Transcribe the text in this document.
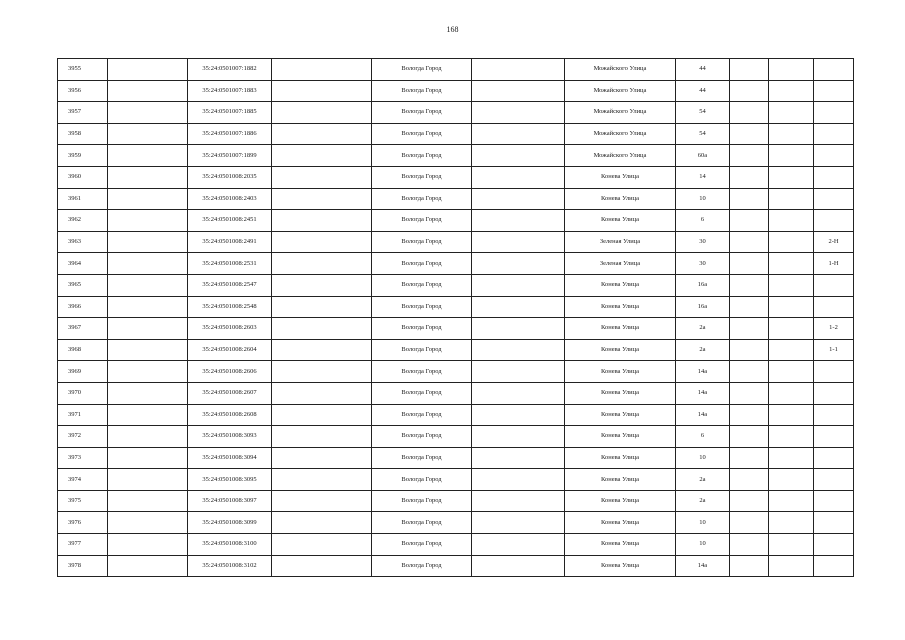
168
3955		35:24:0501007:1882		Вологда Город		Можайского Улица	44			
3956		35:24:0501007:1883		Вологда Город		Можайского Улица	44			
3957		35:24:0501007:1885		Вологда Город		Можайского Улица	54			
3958		35:24:0501007:1886		Вологда Город		Можайского Улица	54			
3959		35:24:0501007:1899		Вологда Город		Можайского Улица	60а			
3960		35:24:0501008:2035		Вологда Город		Конева Улица	14			
3961		35:24:0501008:2403		Вологда Город		Конева Улица	10			
3962		35:24:0501008:2451		Вологда Город		Конева Улица	6			
3963		35:24:0501008:2491		Вологда Город		Зеленая Улица	30			2-Н
3964		35:24:0501008:2531		Вологда Город		Зеленая Улица	30			1-Н
3965		35:24:0501008:2547		Вологда Город		Конева Улица	16а			
3966		35:24:0501008:2548		Вологда Город		Конева Улица	16а			
3967		35:24:0501008:2603		Вологда Город		Конева Улица	2а			1-2
3968		35:24:0501008:2604		Вологда Город		Конева Улица	2а			1-1
3969		35:24:0501008:2606		Вологда Город		Конева Улица	14а			
3970		35:24:0501008:2607		Вологда Город		Конева Улица	14а			
3971		35:24:0501008:2608		Вологда Город		Конева Улица	14а			
3972		35:24:0501008:3093		Вологда Город		Конева Улица	6			
3973		35:24:0501008:3094		Вологда Город		Конева Улица	10			
3974		35:24:0501008:3095		Вологда Город		Конева Улица	2а			
3975		35:24:0501008:3097		Вологда Город		Конева Улица	2а			
3976		35:24:0501008:3099		Вологда Город		Конева Улица	10			
3977		35:24:0501008:3100		Вологда Город		Конева Улица	10			
3978		35:24:0501008:3102		Вологда Город		Конева Улица	14а			
